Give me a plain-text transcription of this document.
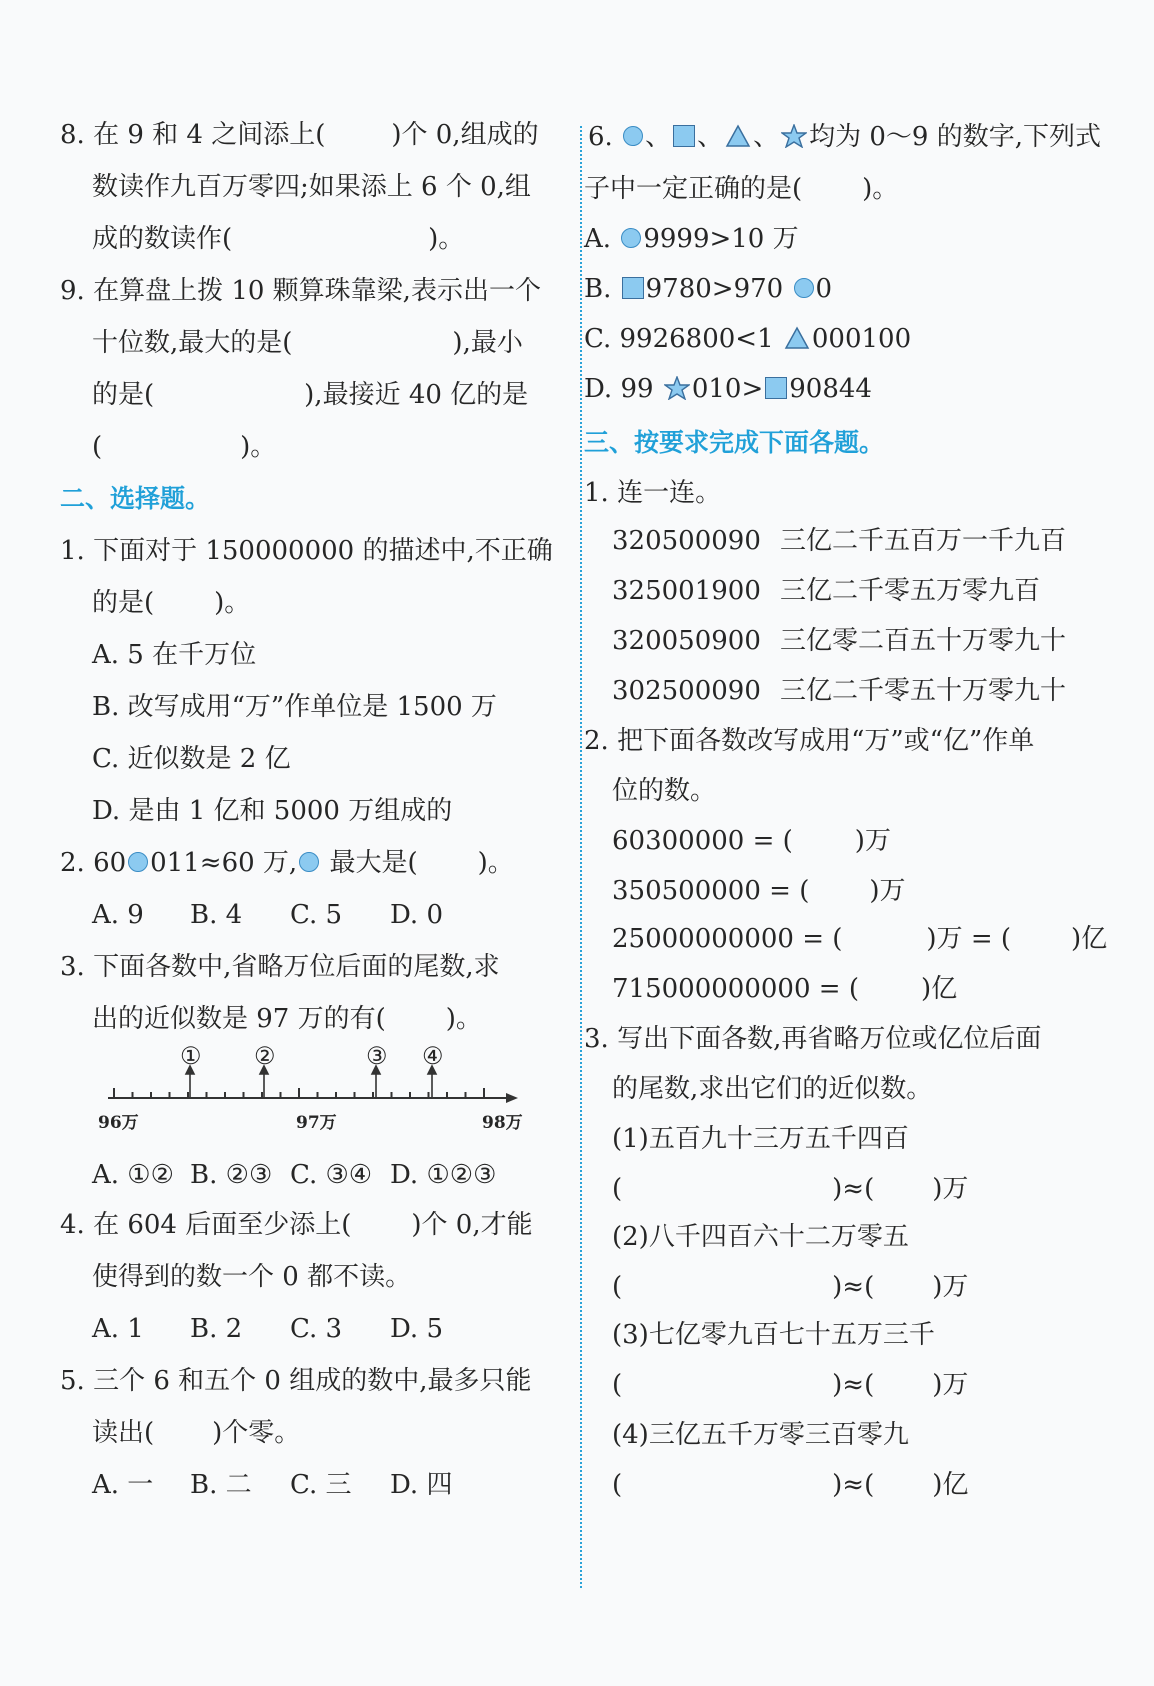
8. 在 9 和 4 之间添上(	)个 0,组成的
数读作九百万零四;如果添上 6 个 0,组
成的数读作(	)。
9. 在算盘上拨 10 颗算珠靠梁,表示出一个
十位数,最大的是(	),最小
的是(	),最接近 40 亿的是
(	)。
二、选择题。
1. 下面对于 150000000 的描述中,不正确
的是( )。
A. 5 在千万位
B. 改写成用“万”作单位是 1500 万
C. 近似数是 2 亿
D. 是由 1 亿和 5000 万组成的
2. 60 011≈60 万, 最大是( )。
A. 9 B. 4 C. 5 D. 0
3. 下面各数中,省略万位后面的尾数,求
出的近似数是 97 万的有( )。
96万	97万	98万
① ②	③ ④
A. ①② B. ②③ C. ③④ D. ①②③
4. 在 604 后面至少添上( )个 0,才能
使得到的数一个 0 都不读。
A. 1 B. 2 C. 3 D. 5
5. 三个 6 和五个 0 组成的数中,最多只能
读出( )个零。
A. 一 B. 二 C. 三 D. 四
6. 、 、 、 均为 0～9 的数字,下列式
子中一定正确的是( )。
A. 9999>10 万
B. 9780>970 0
C. 9926800<1 000100
D. 99 010> 90844
三、按要求完成下面各题。
1. 连一连。
320500090 三亿二千五百万一千九百
325001900 三亿二千零五万零九百
320050900 三亿零二百五十万零九十
302500090 三亿二千零五十万零九十
2. 把下面各数改写成用“万”或“亿”作单
位的数。
60300000 = ( )万
350500000 = ( )万
25000000000 = (	)万 = ( )亿
715000000000 = ( )亿
3. 写出下面各数,再省略万位或亿位后面
的尾数,求出它们的近似数。
(1)五百九十三万五千四百
(	)≈( )万
(2)八千四百六十二万零五
(	)≈( )万
(3)七亿零九百七十五万三千
(	)≈( )万
(4)三亿五千万零三百零九
(	)≈( )亿
